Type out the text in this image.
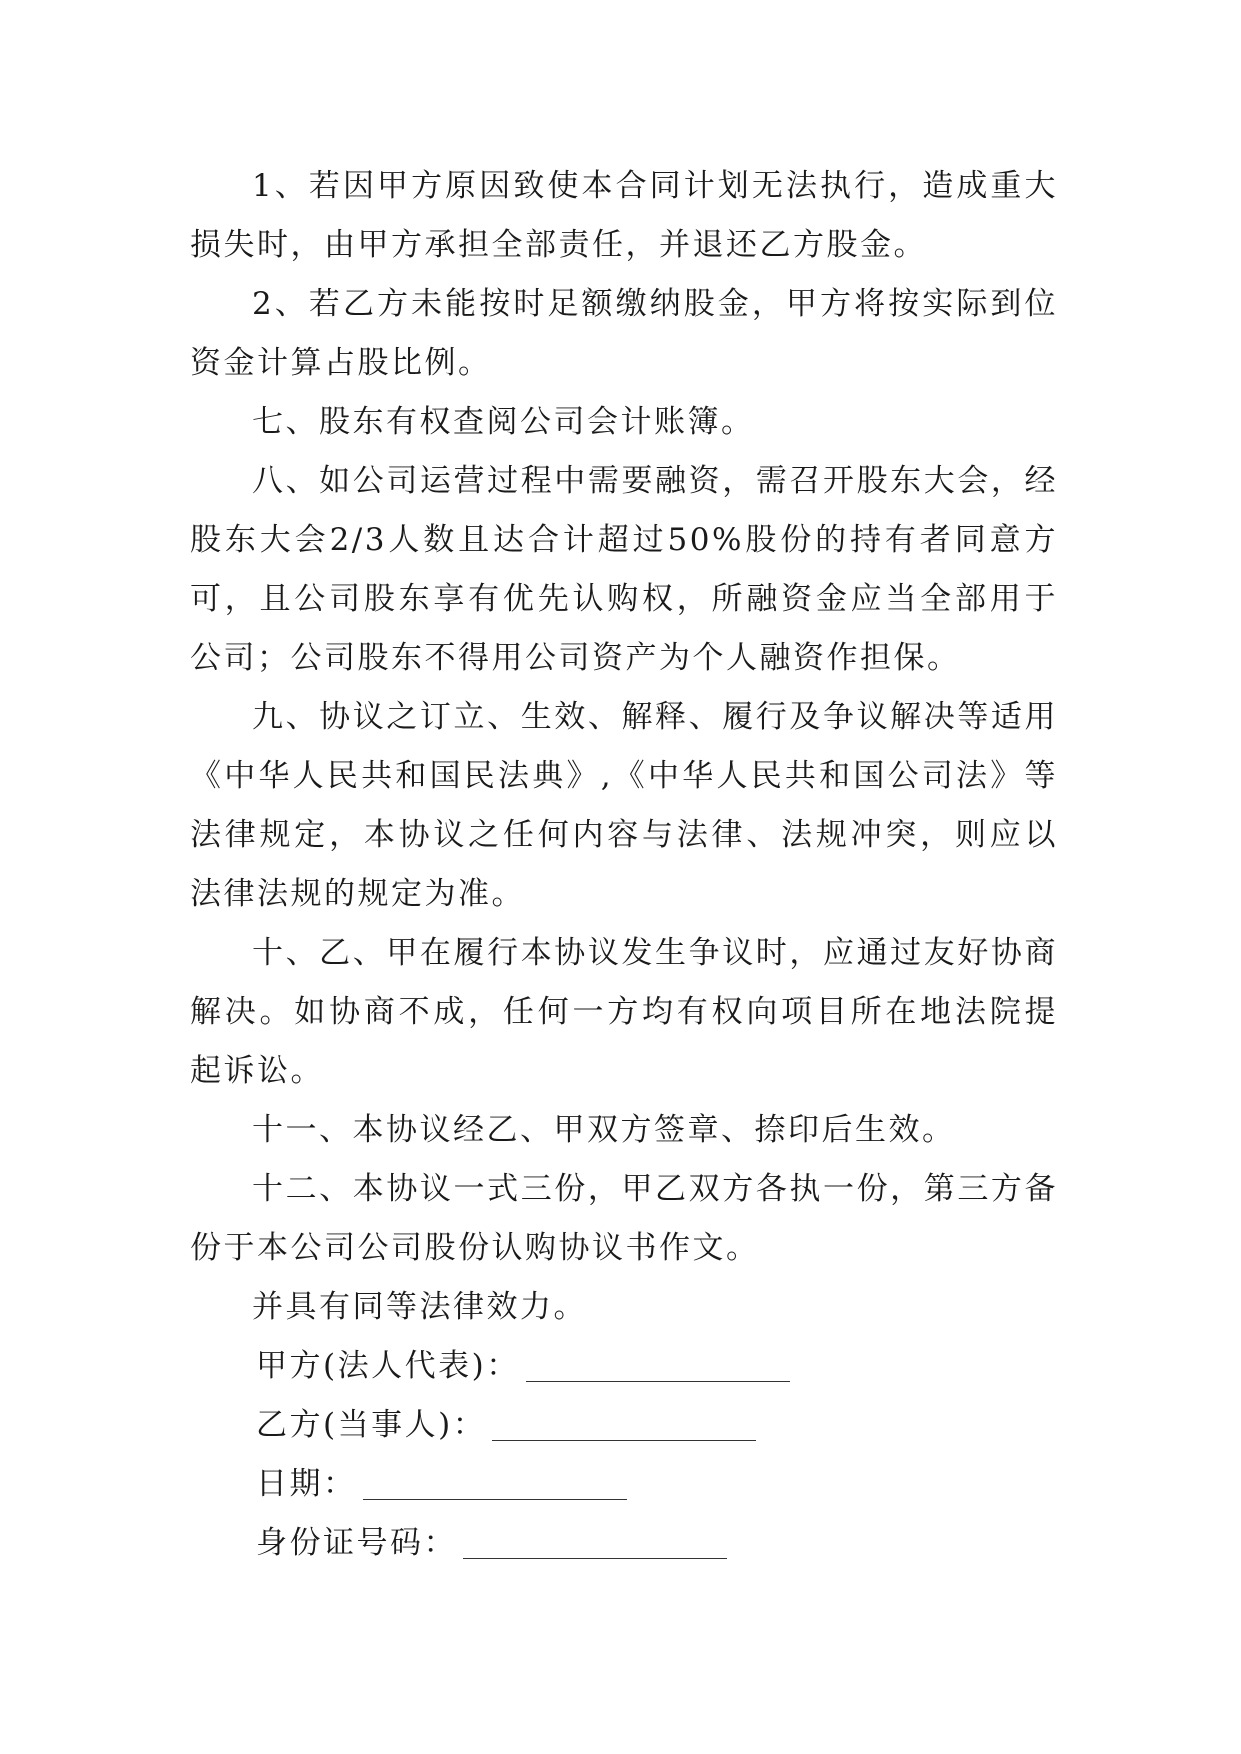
1、若因甲方原因致使本合同计划无法执行，造成重大损失时，由甲方承担全部责任，并退还乙方股金。

2、若乙方未能按时足额缴纳股金，甲方将按实际到位资金计算占股比例。

七、股东有权查阅公司会计账簿。

八、如公司运营过程中需要融资，需召开股东大会，经股东大会2/3人数且达合计超过50%股份的持有者同意方可，且公司股东享有优先认购权，所融资金应当全部用于公司；公司股东不得用公司资产为个人融资作担保。

九、协议之订立、生效、解释、履行及争议解决等适用《中华人民共和国民法典》,《中华人民共和国公司法》等法律规定，本协议之任何内容与法律、法规冲突，则应以法律法规的规定为准。

十、乙、甲在履行本协议发生争议时，应通过友好协商解决。如协商不成，任何一方均有权向项目所在地法院提起诉讼。

十一、本协议经乙、甲双方签章、捺印后生效。

十二、本协议一式三份，甲乙双方各执一份，第三方备份于本公司公司股份认购协议书作文。

并具有同等法律效力。

甲方(法人代表)：
乙方(当事人)：
日期：
身份证号码：
